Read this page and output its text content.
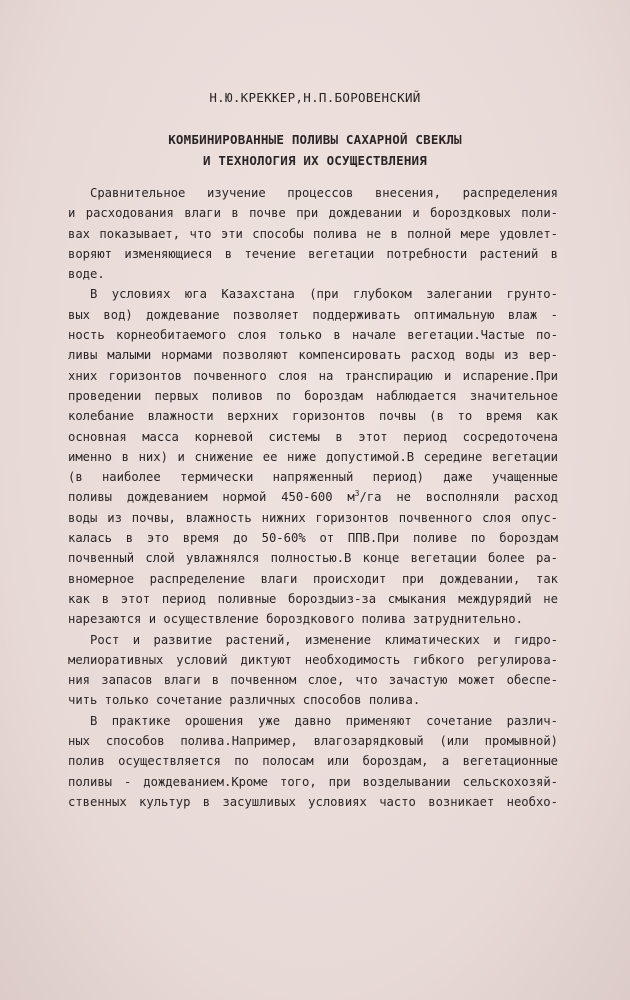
Н.Ю.КРЕККЕР,Н.П.БОРОВЕНСКИЙ
КОМБИНИРОВАННЫЕ ПОЛИВЫ САХАРНОЙ СВЕКЛЫ
И ТЕХНОЛОГИЯ ИХ ОСУЩЕСТВЛЕНИЯ
Сравнительное изучение процессов внесения, распределения
и расходования влаги в почве при дождевании и бороздковых поли-
вах показывает, что эти способы полива не в полной мере удовлет-
воряют изменяющиеся в течение вегетации потребности растений в
воде.
В условиях юга Казахстана (при глубоком залегании грунто-
вых вод) дождевание позволяет поддерживать оптимальную влаж -
ность корнеобитаемого слоя только в начале вегетации.Частые по-
ливы малыми нормами позволяют компенсировать расход воды из вер-
хних горизонтов почвенного слоя на транспирацию и испарение.При
проведении первых поливов по бороздам наблюдается значительное
колебание влажности верхних горизонтов почвы (в то время как
основная масса корневой системы в этот период сосредоточена
именно в них) и снижение ее ниже допустимой.В середине вегетации
(в наиболее термически напряженный период) даже учащенные
поливы дождеванием нормой 450-600 $м^3/га$ не восполняли расход
воды из почвы, влажность нижних горизонтов почвенного слоя опус-
калась в это время до 50-60% от ППВ.При поливе по бороздам
почвенный слой увлажнялся полностью.В конце вегетации более ра-
вномерное распределение влаги происходит при дождевании, так
как в этот период поливные бороздыиз-за смыкания междурядий не
нарезаются и осуществление бороздкового полива затруднительно.
Рост и развитие растений, изменение климатических и гидро-
мелиоративных условий диктуют необходимость гибкого регулирова-
ния запасов влаги в почвенном слое, что зачастую может обеспе-
чить только сочетание различных способов полива.
В практике орошения уже давно применяют сочетание различ-
ных способов полива.Например, влагозарядковый (или промывной)
полив осуществляется по полосам или бороздам, а вегетационные
поливы - дождеванием.Кроме того, при возделывании сельскохозяй-
ственных культур в засушливых условиях часто возникает необхо-
